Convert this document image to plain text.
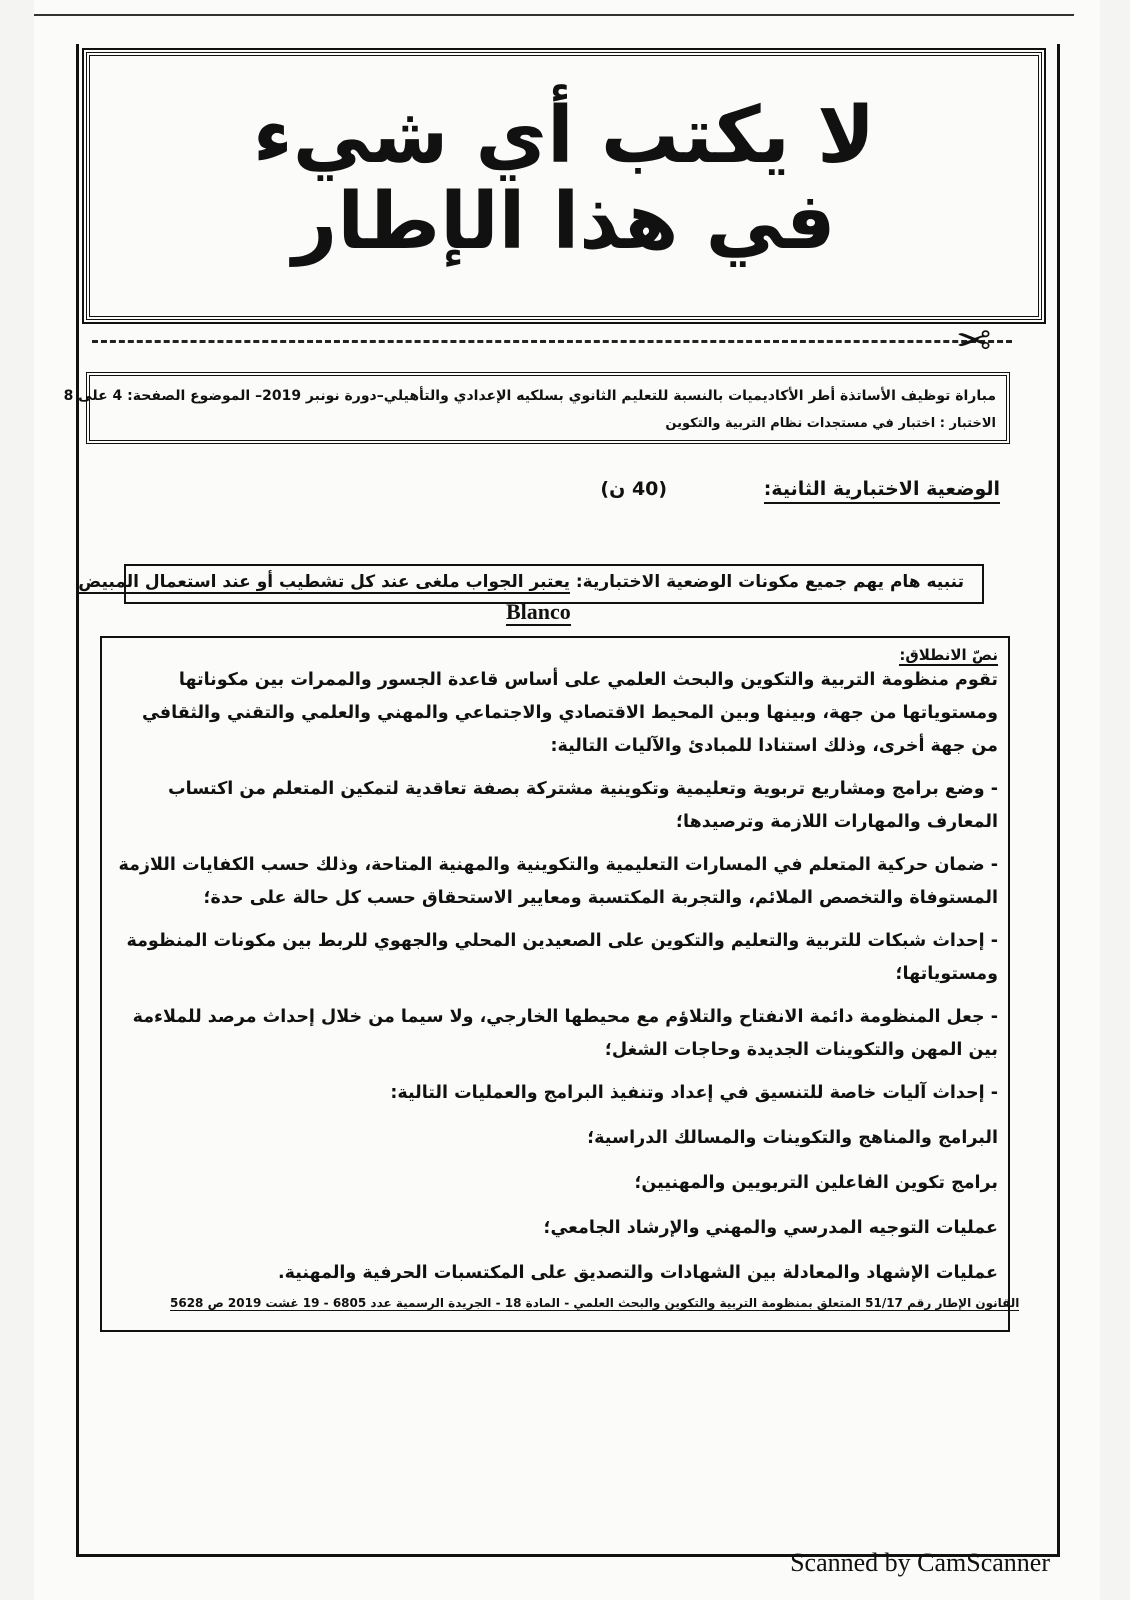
لا يكتب أي شيء
في هذا الإطار
✂
مباراة توظيف الأساتذة أطر الأكاديميات بالنسبة للتعليم الثانوي بسلكيه الإعدادي والتأهيلي–دورة نونبر 2019– الموضوع الصفحة: 4 على 8
الاختبار : اختبار في مستجدات نظام التربية والتكوين
الوضعية الاختبارية الثانية: (40 ن)
تنبيه هام يهم جميع مكونات الوضعية الاختبارية: يعتبر الجواب ملغى عند كل تشطيب أو عند استعمال المبيض
Blanco
نصّ الانطلاق:

تقوم منظومة التربية والتكوين والبحث العلمي على أساس قاعدة الجسور والممرات بين مكوناتها ومستوياتها من جهة، وبينها وبين المحيط الاقتصادي والاجتماعي والمهني والعلمي والتقني والثقافي من جهة أخرى، وذلك استنادا للمبادئ والآليات التالية:

- وضع برامج ومشاريع تربوية وتعليمية وتكوينية مشتركة بصفة تعاقدية لتمكين المتعلم من اكتساب المعارف والمهارات اللازمة وترصيدها؛

- ضمان حركية المتعلم في المسارات التعليمية والتكوينية والمهنية المتاحة، وذلك حسب الكفايات اللازمة المستوفاة والتخصص الملائم، والتجربة المكتسبة ومعايير الاستحقاق حسب كل حالة على حدة؛

- إحداث شبكات للتربية والتعليم والتكوين على الصعيدين المحلي والجهوي للربط بين مكونات المنظومة ومستوياتها؛

- جعل المنظومة دائمة الانفتاح والتلاؤم مع محيطها الخارجي، ولا سيما من خلال إحداث مرصد للملاءمة بين المهن والتكوينات الجديدة وحاجات الشغل؛

- إحداث آليات خاصة للتنسيق في إعداد وتنفيذ البرامج والعمليات التالية:

البرامج والمناهج والتكوينات والمسالك الدراسية؛

برامج تكوين الفاعلين التربويين والمهنيين؛

عمليات التوجيه المدرسي والمهني والإرشاد الجامعي؛

عمليات الإشهاد والمعادلة بين الشهادات والتصديق على المكتسبات الحرفية والمهنية.

القانون الإطار رقم 51/17 المتعلق بمنظومة التربية والتكوين والبحث العلمي - المادة 18 - الجريدة الرسمية عدد 6805 - 19 غشت 2019 ص 5628
Scanned by CamScanner
